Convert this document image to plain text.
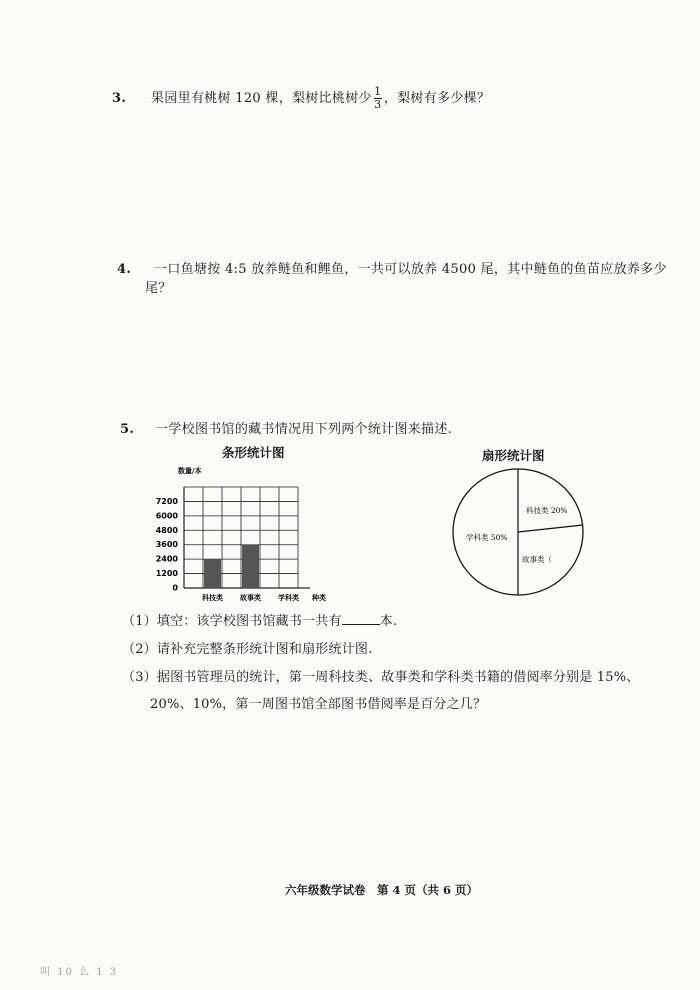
3. 果园里有桃树 120 棵，梨树比桃树少 $\frac{1}{3}$ ，梨树有多少棵？
4. 一口鱼塘按 4:5 放养鲢鱼和鲤鱼，一共可以放养 4500 尾，其中鲢鱼的鱼苗应放养多少
尾？
5. 一学校图书馆的藏书情况用下列两个统计图来描述.
条形统计图	扇形统计图
数量/本
0
1200
2400
3600
4800
6000
7200
科技类 故事类 学科类 种类
科技类 20%
学科类 50%
故事类（
（1）填空：该学校图书馆藏书一共有	本.
（2）请补充完整条形统计图和扇形统计图.
（3）据图书管理员的统计，第一周科技类、故事类和学科类书籍的借阅率分别是 15%、
20%、10%，第一周图书馆全部图书借阅率是百分之几？
六年级数学试卷　第 4 页（共 6 页）
叫 10 么 1 3
